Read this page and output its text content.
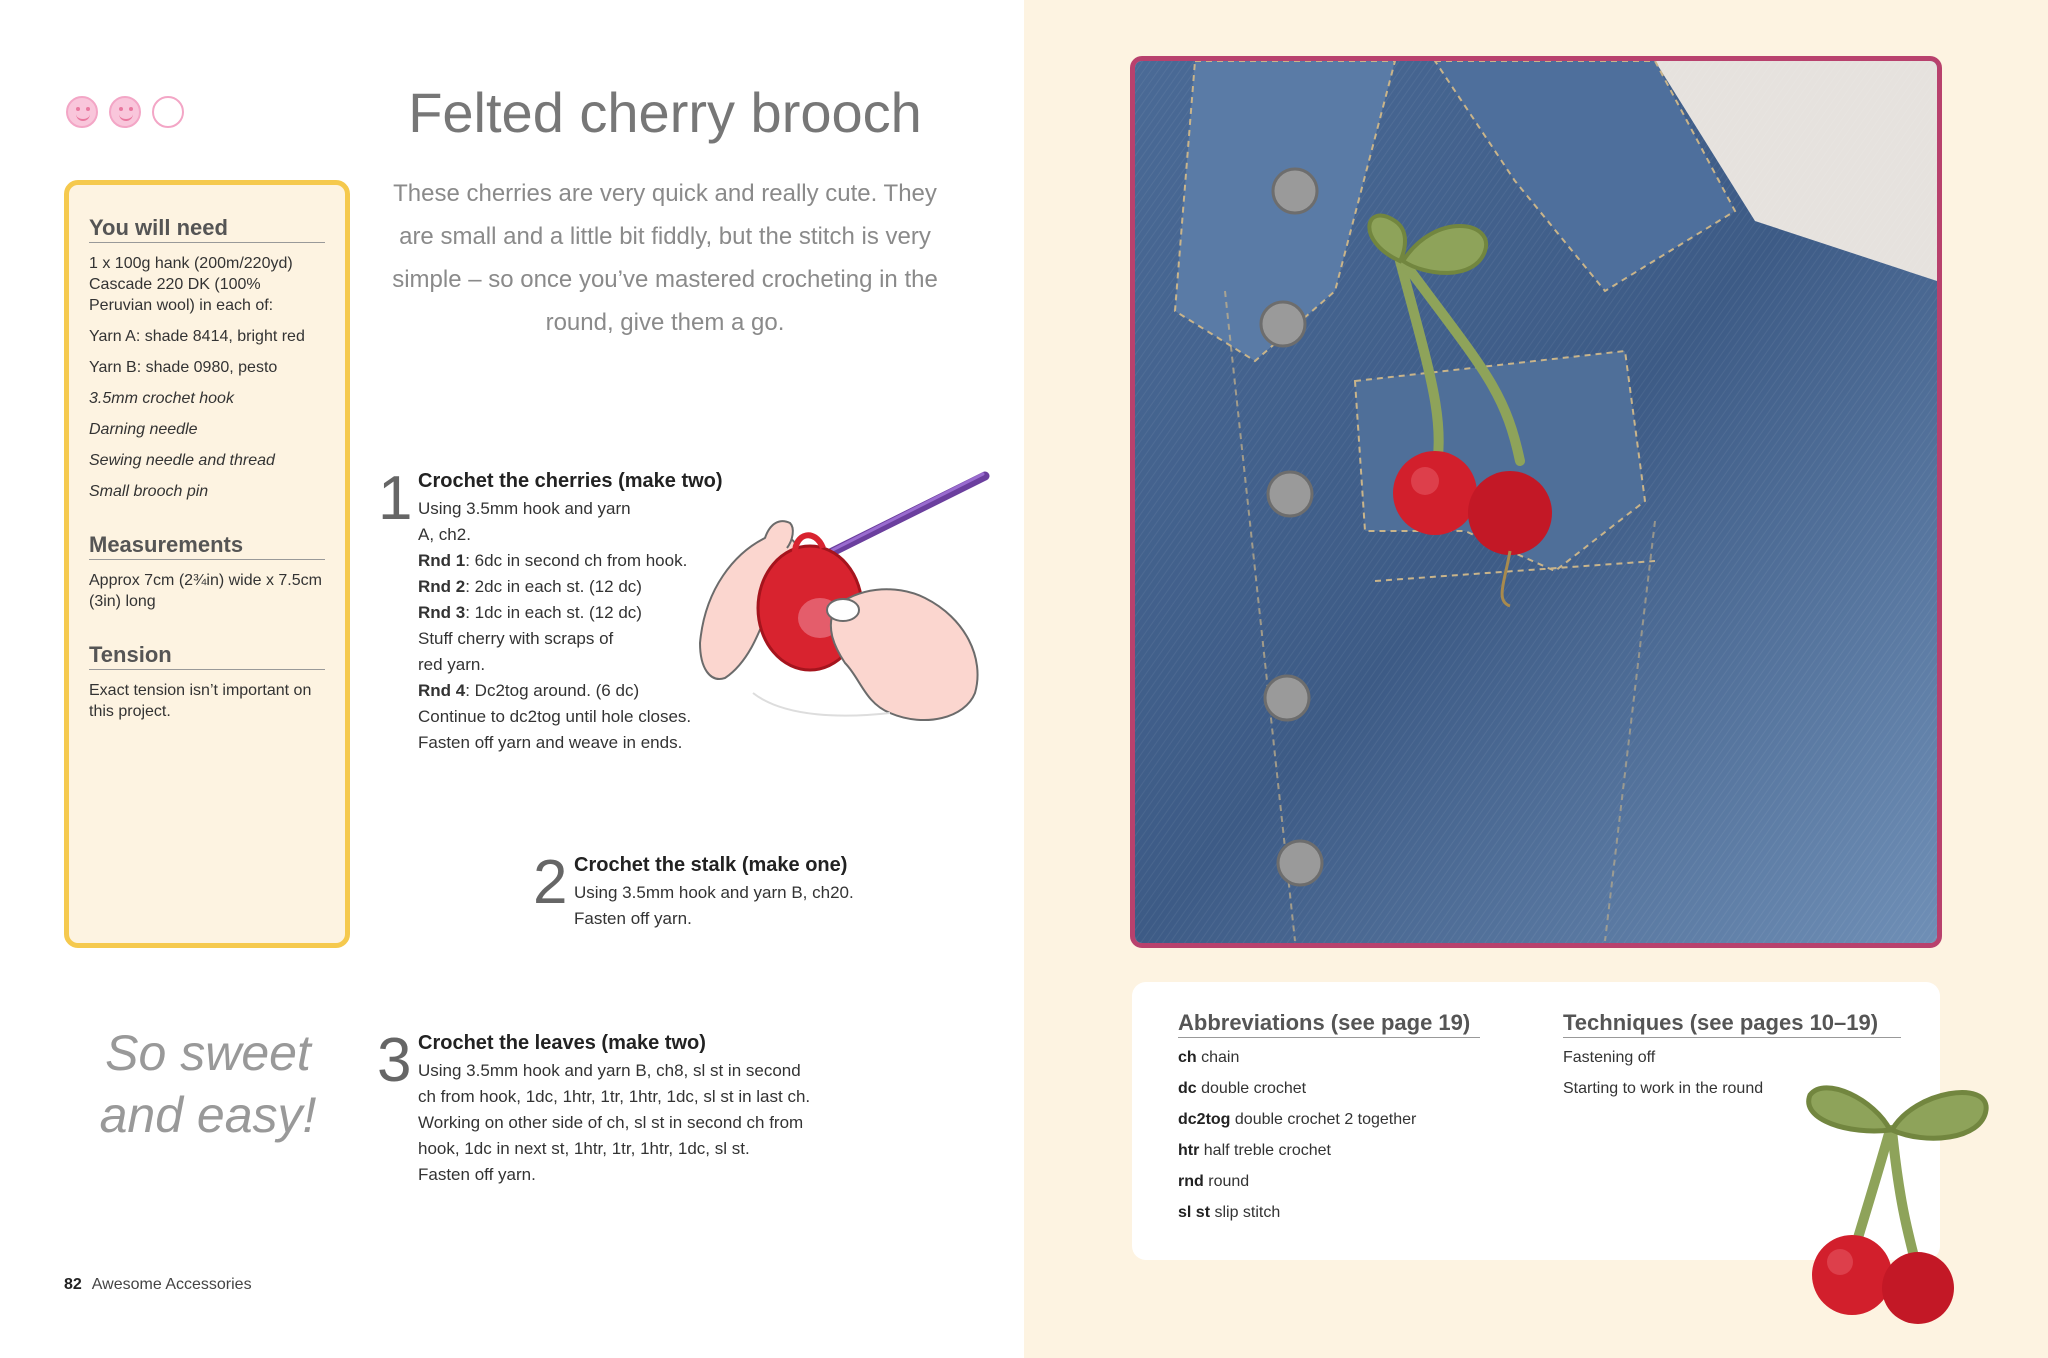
Felted cherry brooch

These cherries are very quick and really cute. They are small and a little bit fiddly, but the stitch is very simple – so once you’ve mastered crocheting in the round, give them a go.

You will need
1 x 100g hank (200m/220yd) Cascade 220 DK (100% Peruvian wool) in each of:
Yarn A: shade 8414, bright red
Yarn B: shade 0980, pesto
3.5mm crochet hook
Darning needle
Sewing needle and thread
Small brooch pin
Measurements
Approx 7cm (2¾in) wide x 7.5cm (3in) long
Tension
Exact tension isn’t important on this project.
1 Crochet the cherries (make two)
Using 3.5mm hook and yarn
A, ch2.
Rnd 1: 6dc in second ch from hook.
Rnd 2: 2dc in each st. (12 dc)
Rnd 3: 1dc in each st. (12 dc)
Stuff cherry with scraps of
red yarn.
Rnd 4: Dc2tog around. (6 dc)
Continue to dc2tog until hole closes.
Fasten off yarn and weave in ends.
2 Crochet the stalk (make one)
Using 3.5mm hook and yarn B, ch20.
Fasten off yarn.
3 Crochet the leaves (make two)
Using 3.5mm hook and yarn B, ch8, sl st in second
ch from hook, 1dc, 1htr, 1tr, 1htr, 1dc, sl st in last ch.
Working on other side of ch, sl st in second ch from
hook, 1dc in next st, 1htr, 1tr, 1htr, 1dc, sl st.
Fasten off yarn.
So sweet
and easy!
82 Awesome Accessories
Abbreviations (see page 19)
ch chain
dc double crochet
dc2tog double crochet 2 together
htr half treble crochet
rnd round
sl st slip stitch
Techniques (see pages 10–19)
Fastening off
Starting to work in the round
